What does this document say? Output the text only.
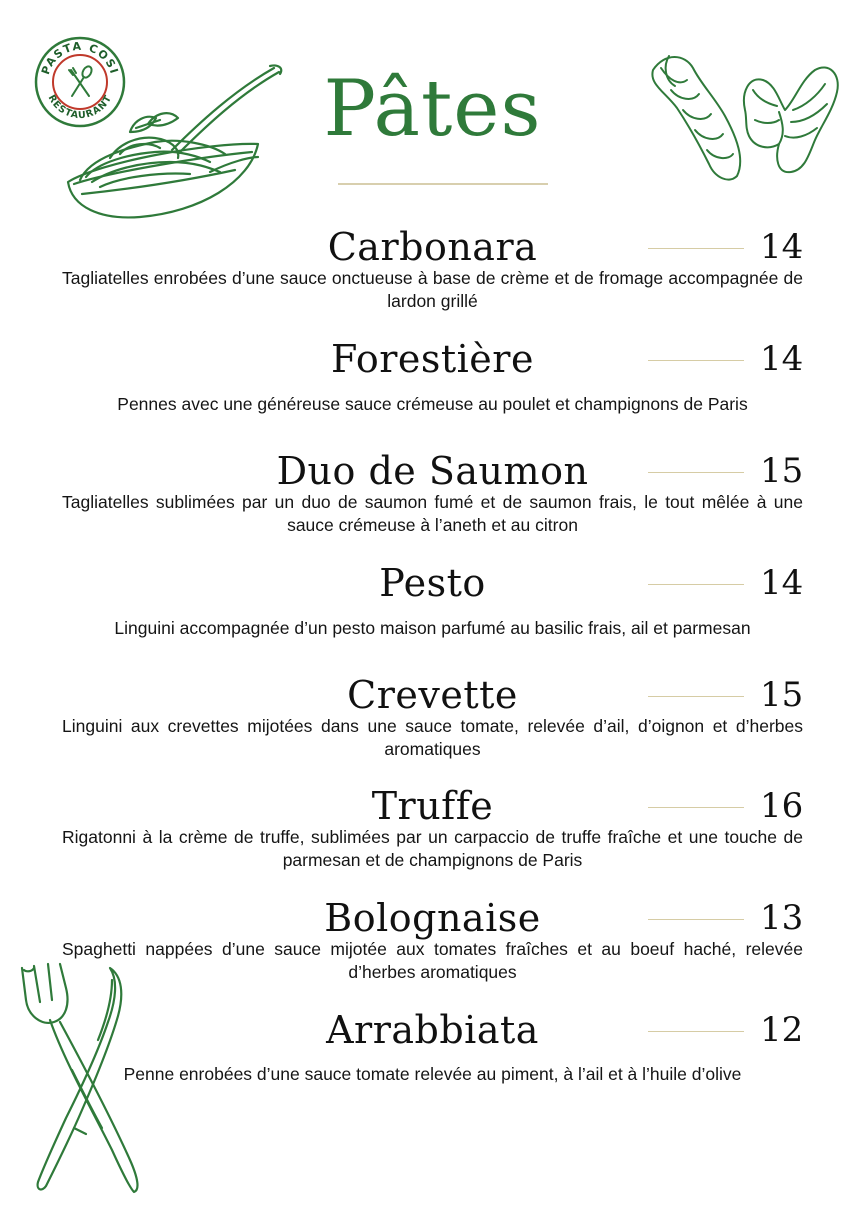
PASTA COSI
RESTAURANT	Pâtes
Carbonara	14
Tagliatelles enrobées d’une sauce onctueuse à base de crème et de fromage accompagnée de lardon grillé
Forestière	14
Pennes avec une généreuse sauce crémeuse au poulet et champignons de Paris
Duo de Saumon	15
Tagliatelles sublimées par un duo de saumon fumé et de saumon frais, le tout mêlée à une sauce crémeuse à l’aneth et au citron
Pesto	14
Linguini accompagnée d’un pesto maison parfumé au basilic frais, ail et parmesan
Crevette	15
Linguini aux crevettes mijotées dans une sauce tomate, relevée d’ail, d’oignon et d’herbes aromatiques
Truffe	16
Rigatonni à la crème de truffe, sublimées par un carpaccio de truffe fraîche et une touche de parmesan et de champignons de Paris
Bolognaise	13
Spaghetti nappées d’une sauce mijotée aux tomates fraîches et au boeuf haché, relevée d’herbes aromatiques
Arrabbiata	12
Penne enrobées d’une sauce tomate relevée au piment, à l’ail et à l’huile d’olive
